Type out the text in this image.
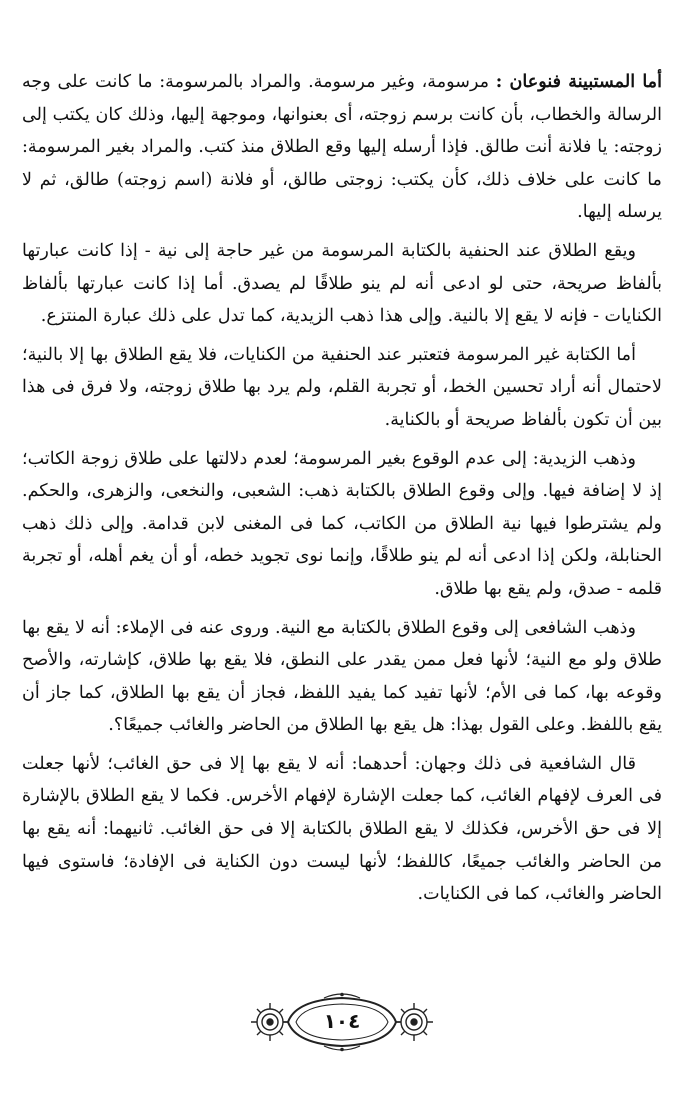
أما المستبينة فنوعان : مرسومة، وغير مرسومة. والمراد بالمرسومة: ما كانت على وجه الرسالة والخطاب، بأن كانت برسم زوجته، أى بعنوانها، وموجهة إليها، وذلك كان يكتب إلى زوجته: يا فلانة أنت طالق. فإذا أرسله إليها وقع الطلاق منذ كتب. والمراد بغير المرسومة: ما كانت على خلاف ذلك، كأن يكتب: زوجتى طالق، أو فلانة (اسم زوجته) طالق، ثم لا يرسله إليها.

ويقع الطلاق عند الحنفية بالكتابة المرسومة من غير حاجة إلى نية - إذا كانت عبارتها بألفاظ صريحة، حتى لو ادعى أنه لم ينو طلاقًا لم يصدق. أما إذا كانت عبارتها بألفاظ الكنايات - فإنه لا يقع إلا بالنية. وإلى هذا ذهب الزيدية، كما تدل على ذلك عبارة المنتزع.

أما الكتابة غير المرسومة فتعتبر عند الحنفية من الكنايات، فلا يقع الطلاق بها إلا بالنية؛ لاحتمال أنه أراد تحسين الخط، أو تجربة القلم، ولم يرد بها طلاق زوجته، ولا فرق فى هذا بين أن تكون بألفاظ صريحة أو بالكناية.

وذهب الزيدية: إلى عدم الوقوع بغير المرسومة؛ لعدم دلالتها على طلاق زوجة الكاتب؛ إذ لا إضافة فيها. وإلى وقوع الطلاق بالكتابة ذهب: الشعبى، والنخعى، والزهرى، والحكم. ولم يشترطوا فيها نية الطلاق من الكاتب، كما فى المغنى لابن قدامة. وإلى ذلك ذهب الحنابلة، ولكن إذا ادعى أنه لم ينو طلاقًا، وإنما نوى تجويد خطه، أو أن يغم أهله، أو تجربة قلمه - صدق، ولم يقع بها طلاق.

وذهب الشافعى إلى وقوع الطلاق بالكتابة مع النية. وروى عنه فى الإملاء: أنه لا يقع بها طلاق ولو مع النية؛ لأنها فعل ممن يقدر على النطق، فلا يقع بها طلاق، كإشارته، والأصح وقوعه بها، كما فى الأم؛ لأنها تفيد كما يفيد اللفظ، فجاز أن يقع بها الطلاق، كما جاز أن يقع باللفظ. وعلى القول بهذا: هل يقع بها الطلاق من الحاضر والغائب جميعًا؟.

قال الشافعية فى ذلك وجهان: أحدهما: أنه لا يقع بها إلا فى حق الغائب؛ لأنها جعلت فى العرف لإفهام الغائب، كما جعلت الإشارة لإفهام الأخرس. فكما لا يقع الطلاق بالإشارة إلا فى حق الأخرس، فكذلك لا يقع الطلاق بالكتابة إلا فى حق الغائب. ثانيهما: أنه يقع بها من الحاضر والغائب جميعًا، كاللفظ؛ لأنها ليست دون الكناية فى الإفادة؛ فاستوى فيها الحاضر والغائب، كما فى الكنايات.

١٠٤
